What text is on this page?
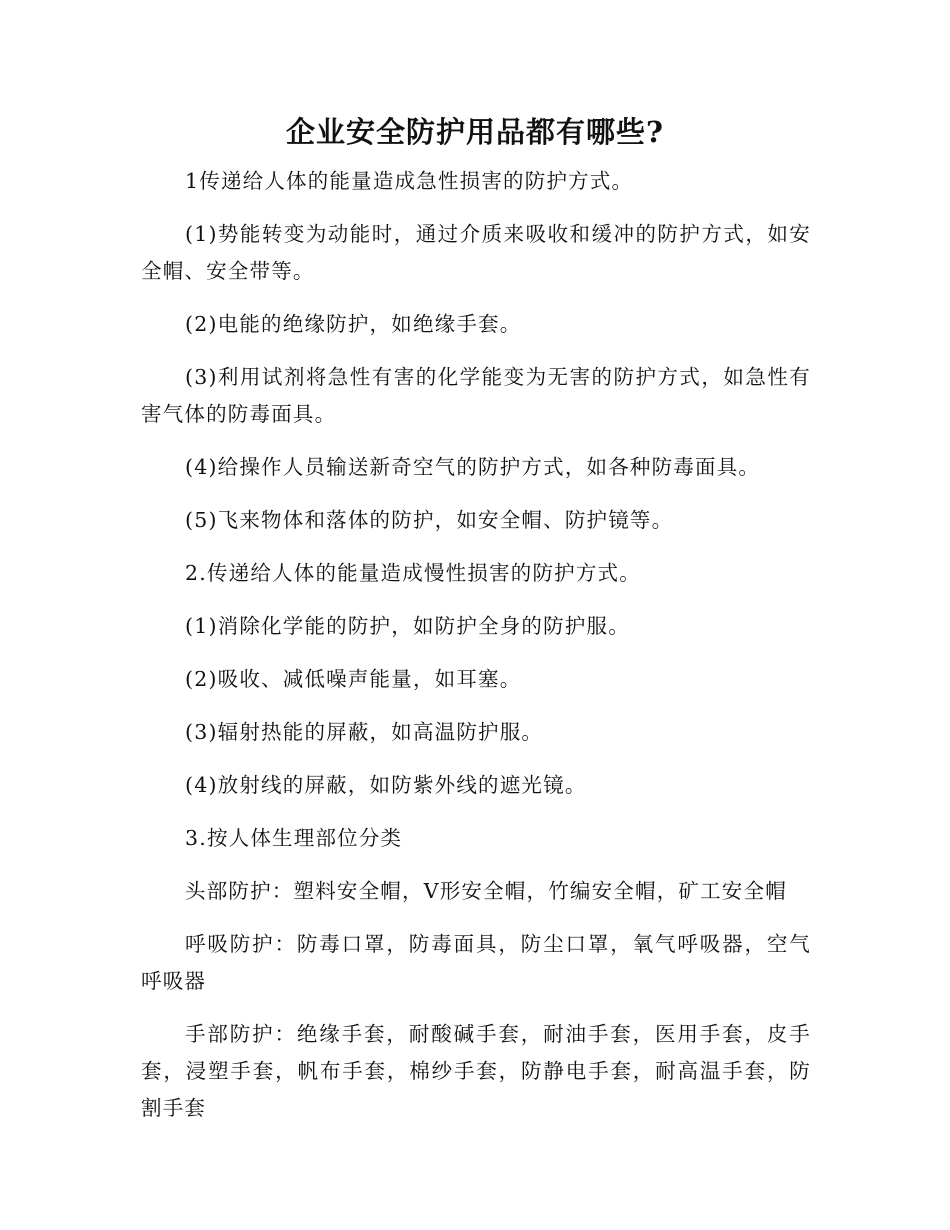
企业安全防护用品都有哪些?

1传递给人体的能量造成急性损害的防护方式。

(1)势能转变为动能时，通过介质来吸收和缓冲的防护方式，如安全帽、安全带等。

(2)电能的绝缘防护，如绝缘手套。

(3)利用试剂将急性有害的化学能变为无害的防护方式，如急性有害气体的防毒面具。

(4)给操作人员输送新奇空气的防护方式，如各种防毒面具。

(5)飞来物体和落体的防护，如安全帽、防护镜等。

2.传递给人体的能量造成慢性损害的防护方式。

(1)消除化学能的防护，如防护全身的防护服。

(2)吸收、减低噪声能量，如耳塞。

(3)辐射热能的屏蔽，如高温防护服。

(4)放射线的屏蔽，如防紫外线的遮光镜。

3.按人体生理部位分类

头部防护：塑料安全帽，V形安全帽，竹编安全帽，矿工安全帽

呼吸防护：防毒口罩，防毒面具，防尘口罩，氧气呼吸器，空气呼吸器

手部防护：绝缘手套，耐酸碱手套，耐油手套，医用手套，皮手套，浸塑手套，帆布手套，棉纱手套，防静电手套，耐高温手套，防割手套
